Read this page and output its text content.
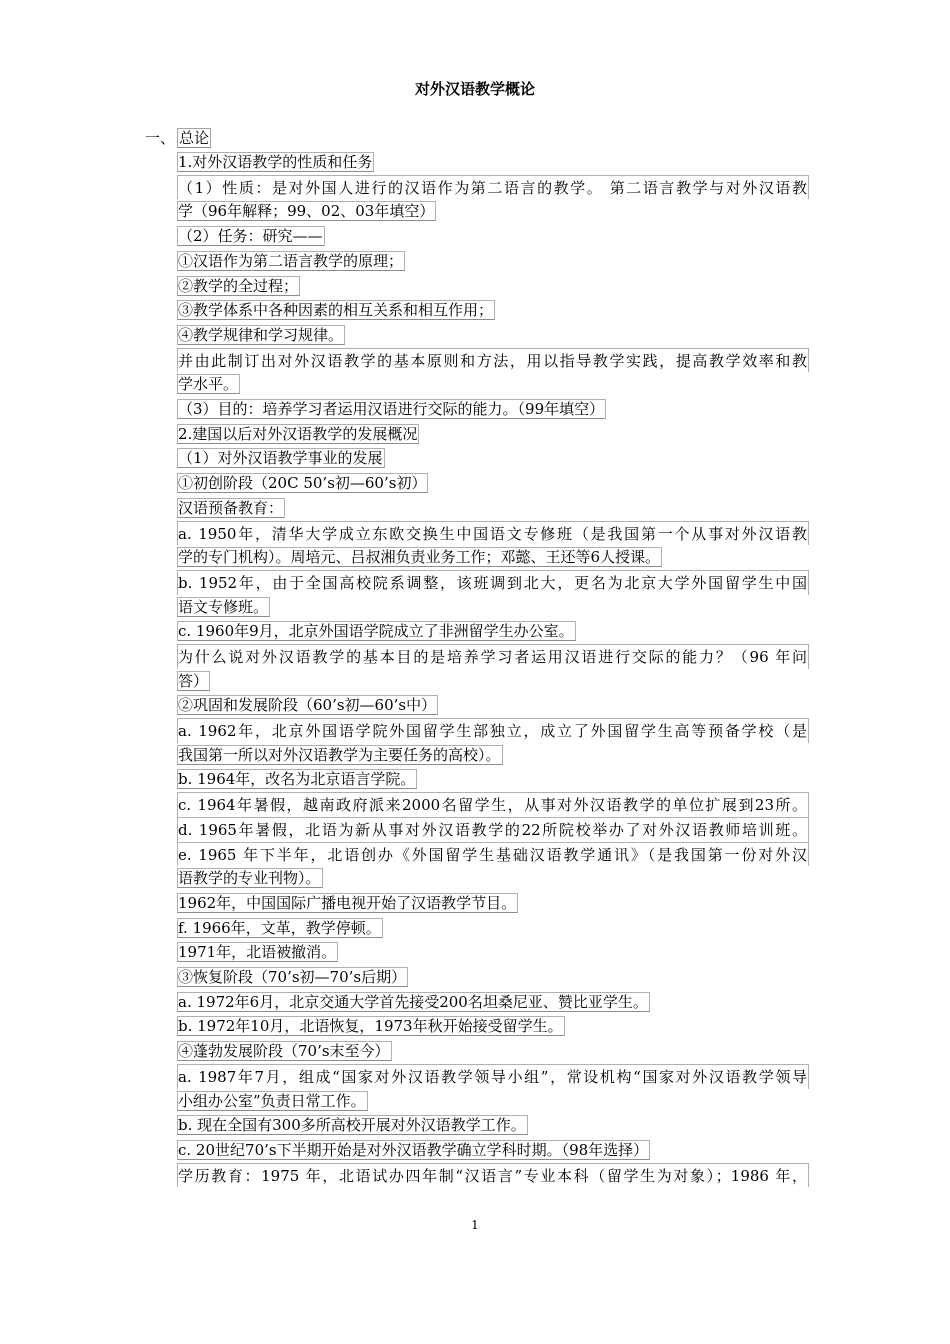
对外汉语教学概论
一、 总论
1.对外汉语教学的性质和任务
（1）性质：是对外国人进行的汉语作为第二语言的教学。 第二语言教学与对外汉语教
学（96年解释；99、02、03年填空）
（2）任务：研究——
①汉语作为第二语言教学的原理；
②教学的全过程；
③教学体系中各种因素的相互关系和相互作用；
④教学规律和学习规律。
并由此制订出对外汉语教学的基本原则和方法，用以指导教学实践，提高教学效率和教
学水平。
（3）目的：培养学习者运用汉语进行交际的能力。（99年填空）
2.建国以后对外汉语教学的发展概况
（1）对外汉语教学事业的发展
①初创阶段（20C 50’s初—60’s初）
汉语预备教育：
a. 1950年，清华大学成立东欧交换生中国语文专修班（是我国第一个从事对外汉语教
学的专门机构）。周培元、吕叔湘负责业务工作；邓懿、王还等6人授课。
b. 1952年，由于全国高校院系调整，该班调到北大，更名为北京大学外国留学生中国
语文专修班。
c. 1960年9月，北京外国语学院成立了非洲留学生办公室。
为什么说对外汉语教学的基本目的是培养学习者运用汉语进行交际的能力？（96 年问
答）
②巩固和发展阶段（60’s初—60’s中）
a. 1962年，北京外国语学院外国留学生部独立，成立了外国留学生高等预备学校（是
我国第一所以对外汉语教学为主要任务的高校）。
b. 1964年，改名为北京语言学院。
c. 1964年暑假，越南政府派来2000名留学生，从事对外汉语教学的单位扩展到23所。
d. 1965年暑假，北语为新从事对外汉语教学的22所院校举办了对外汉语教师培训班。
e. 1965 年下半年，北语创办《外国留学生基础汉语教学通讯》（是我国第一份对外汉
语教学的专业刊物）。
1962年，中国国际广播电视开始了汉语教学节目。
f. 1966年，文革，教学停顿。
1971年，北语被撤消。
③恢复阶段（70’s初—70’s后期）
a. 1972年6月，北京交通大学首先接受200名坦桑尼亚、赞比亚学生。
b. 1972年10月，北语恢复，1973年秋开始接受留学生。
④蓬勃发展阶段（70’s末至今）
a. 1987年7月，组成“国家对外汉语教学领导小组”，常设机构“国家对外汉语教学领导
小组办公室”负责日常工作。
b. 现在全国有300多所高校开展对外汉语教学工作。
c. 20世纪70’s下半期开始是对外汉语教学确立学科时期。（98年选择）
学历教育：1975 年，北语试办四年制“汉语言”专业本科（留学生为对象）；1986 年，
1
